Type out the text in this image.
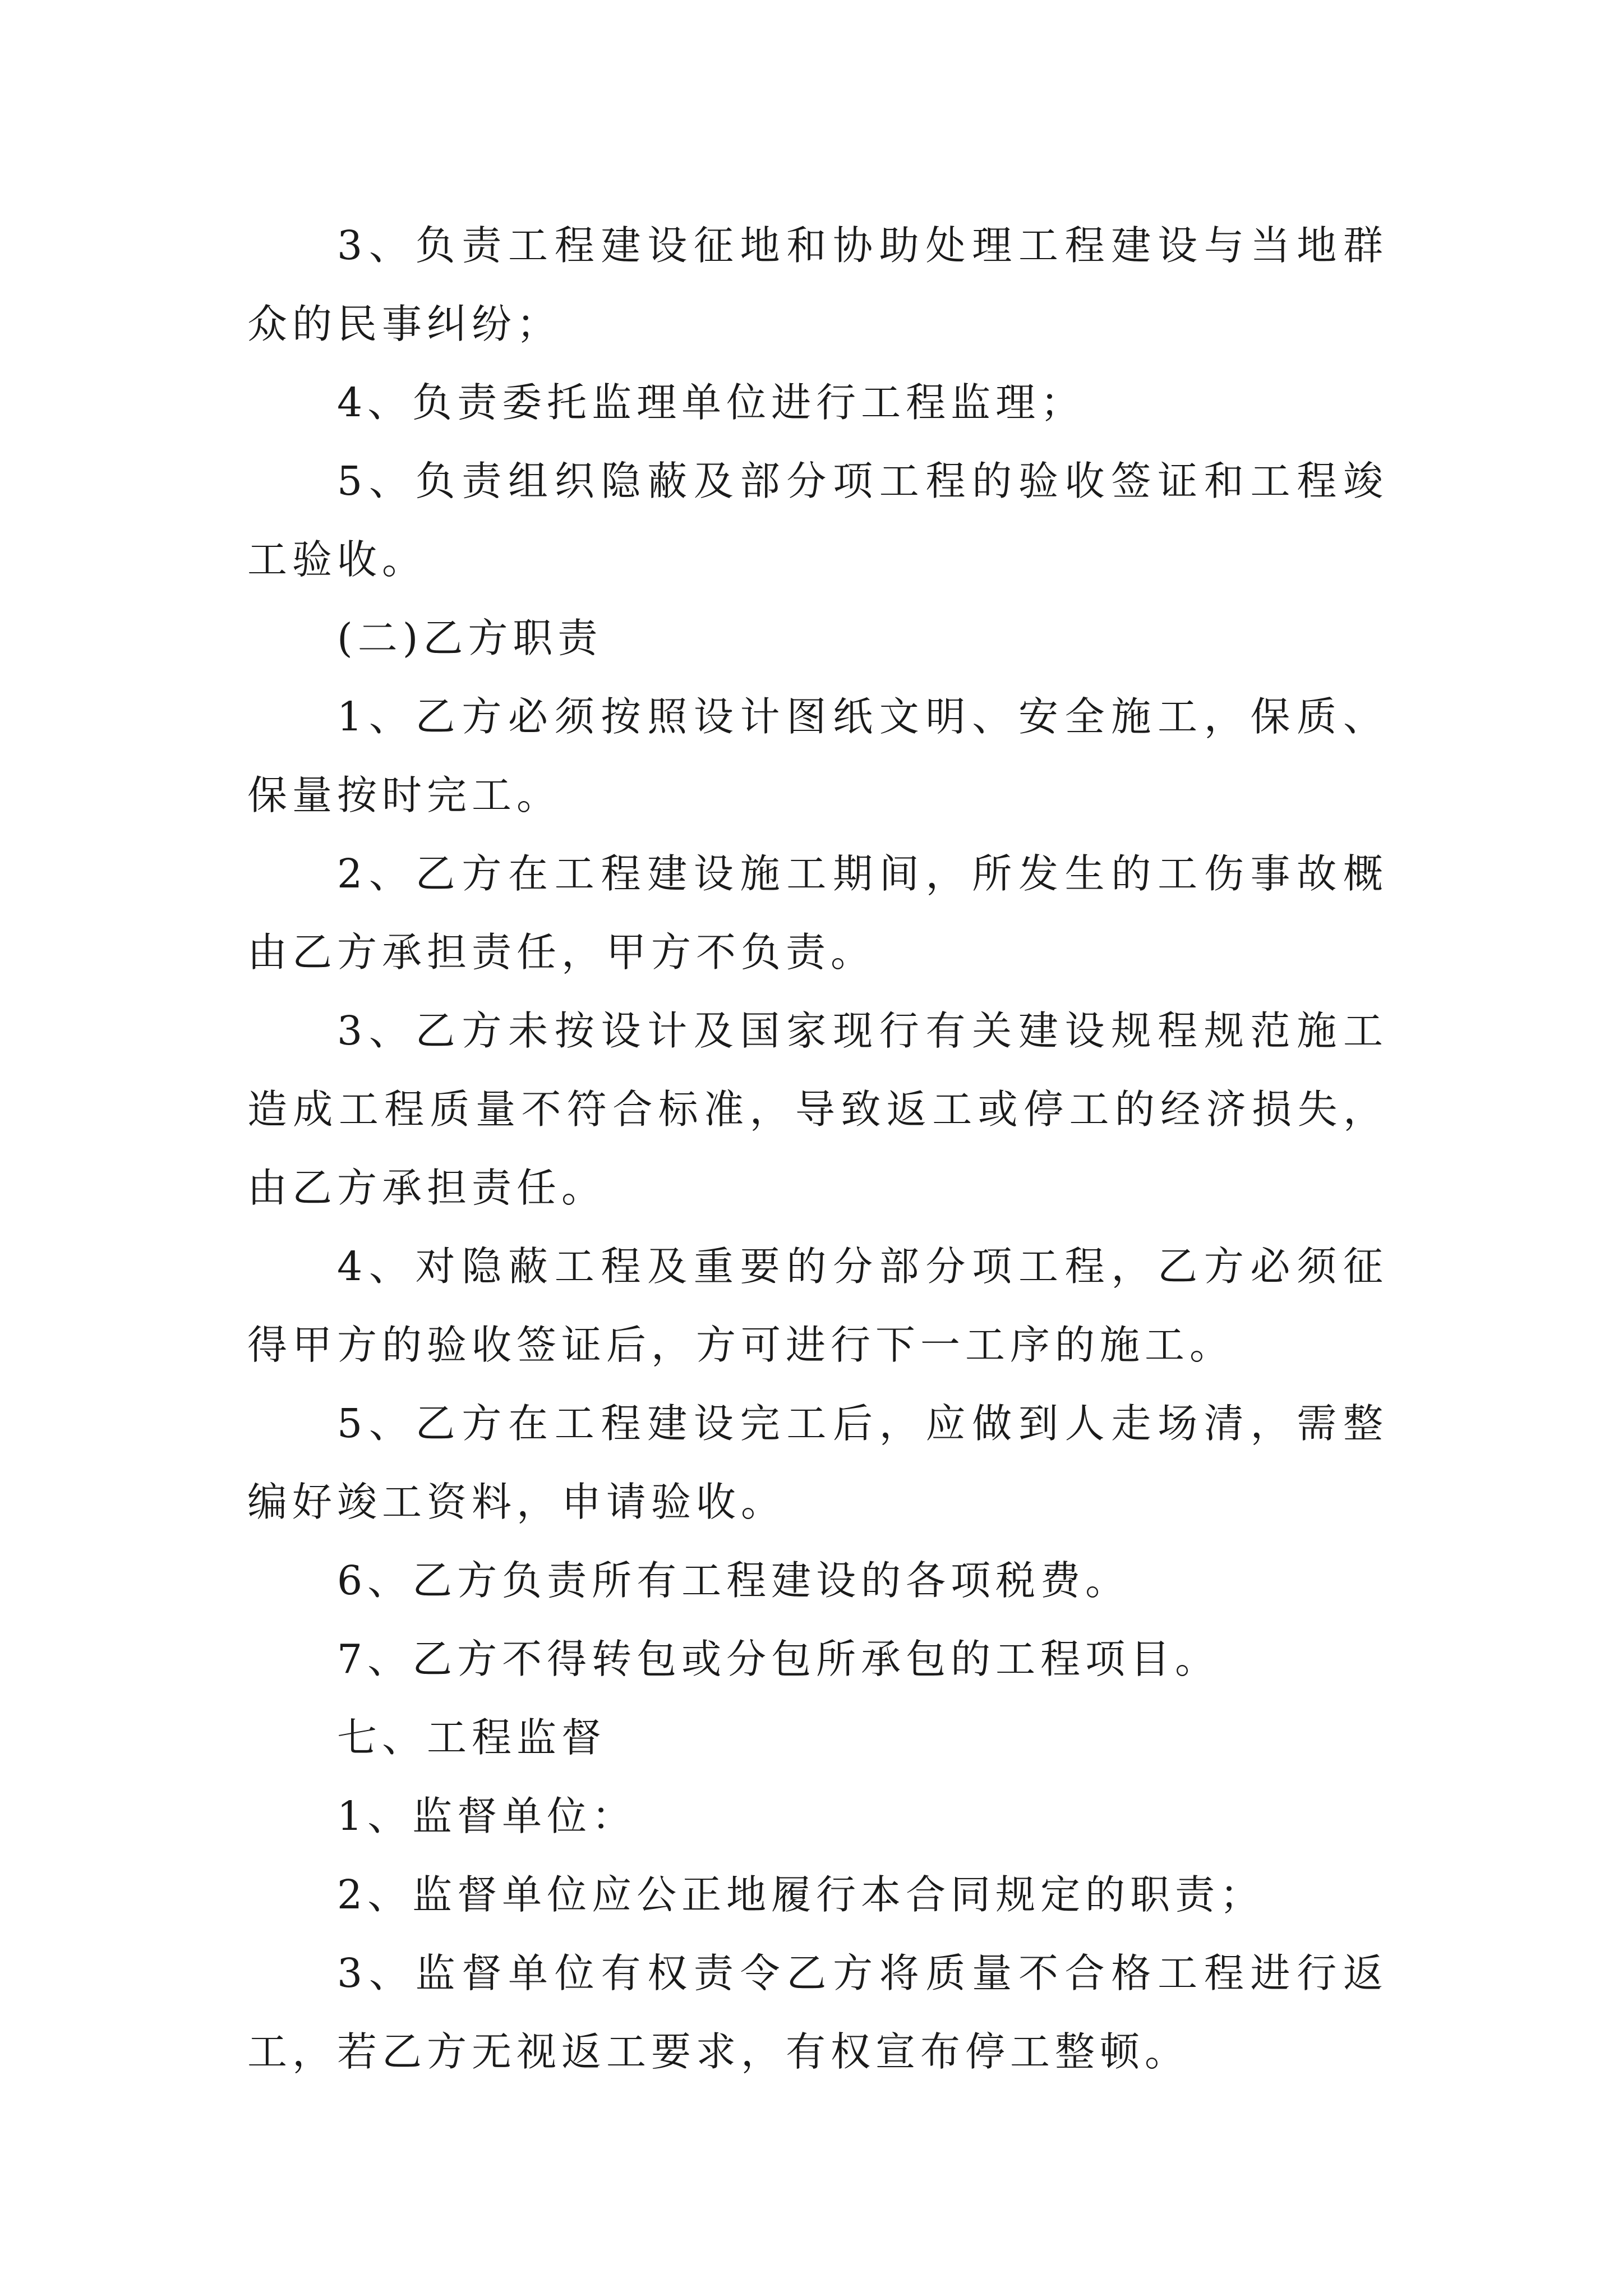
3、负责工程建设征地和协助处理工程建设与当地群众的民事纠纷；

4、负责委托监理单位进行工程监理；

5、负责组织隐蔽及部分项工程的验收签证和工程竣工验收。

(二)乙方职责

1、乙方必须按照设计图纸文明、安全施工，保质、保量按时完工。

2、乙方在工程建设施工期间，所发生的工伤事故概由乙方承担责任，甲方不负责。

3、乙方未按设计及国家现行有关建设规程规范施工造成工程质量不符合标准，导致返工或停工的经济损失，由乙方承担责任。

4、对隐蔽工程及重要的分部分项工程，乙方必须征得甲方的验收签证后，方可进行下一工序的施工。

5、乙方在工程建设完工后，应做到人走场清，需整编好竣工资料，申请验收。

6、乙方负责所有工程建设的各项税费。

7、乙方不得转包或分包所承包的工程项目。

七、工程监督

1、监督单位：

2、监督单位应公正地履行本合同规定的职责；

3、监督单位有权责令乙方将质量不合格工程进行返工，若乙方无视返工要求，有权宣布停工整顿。
